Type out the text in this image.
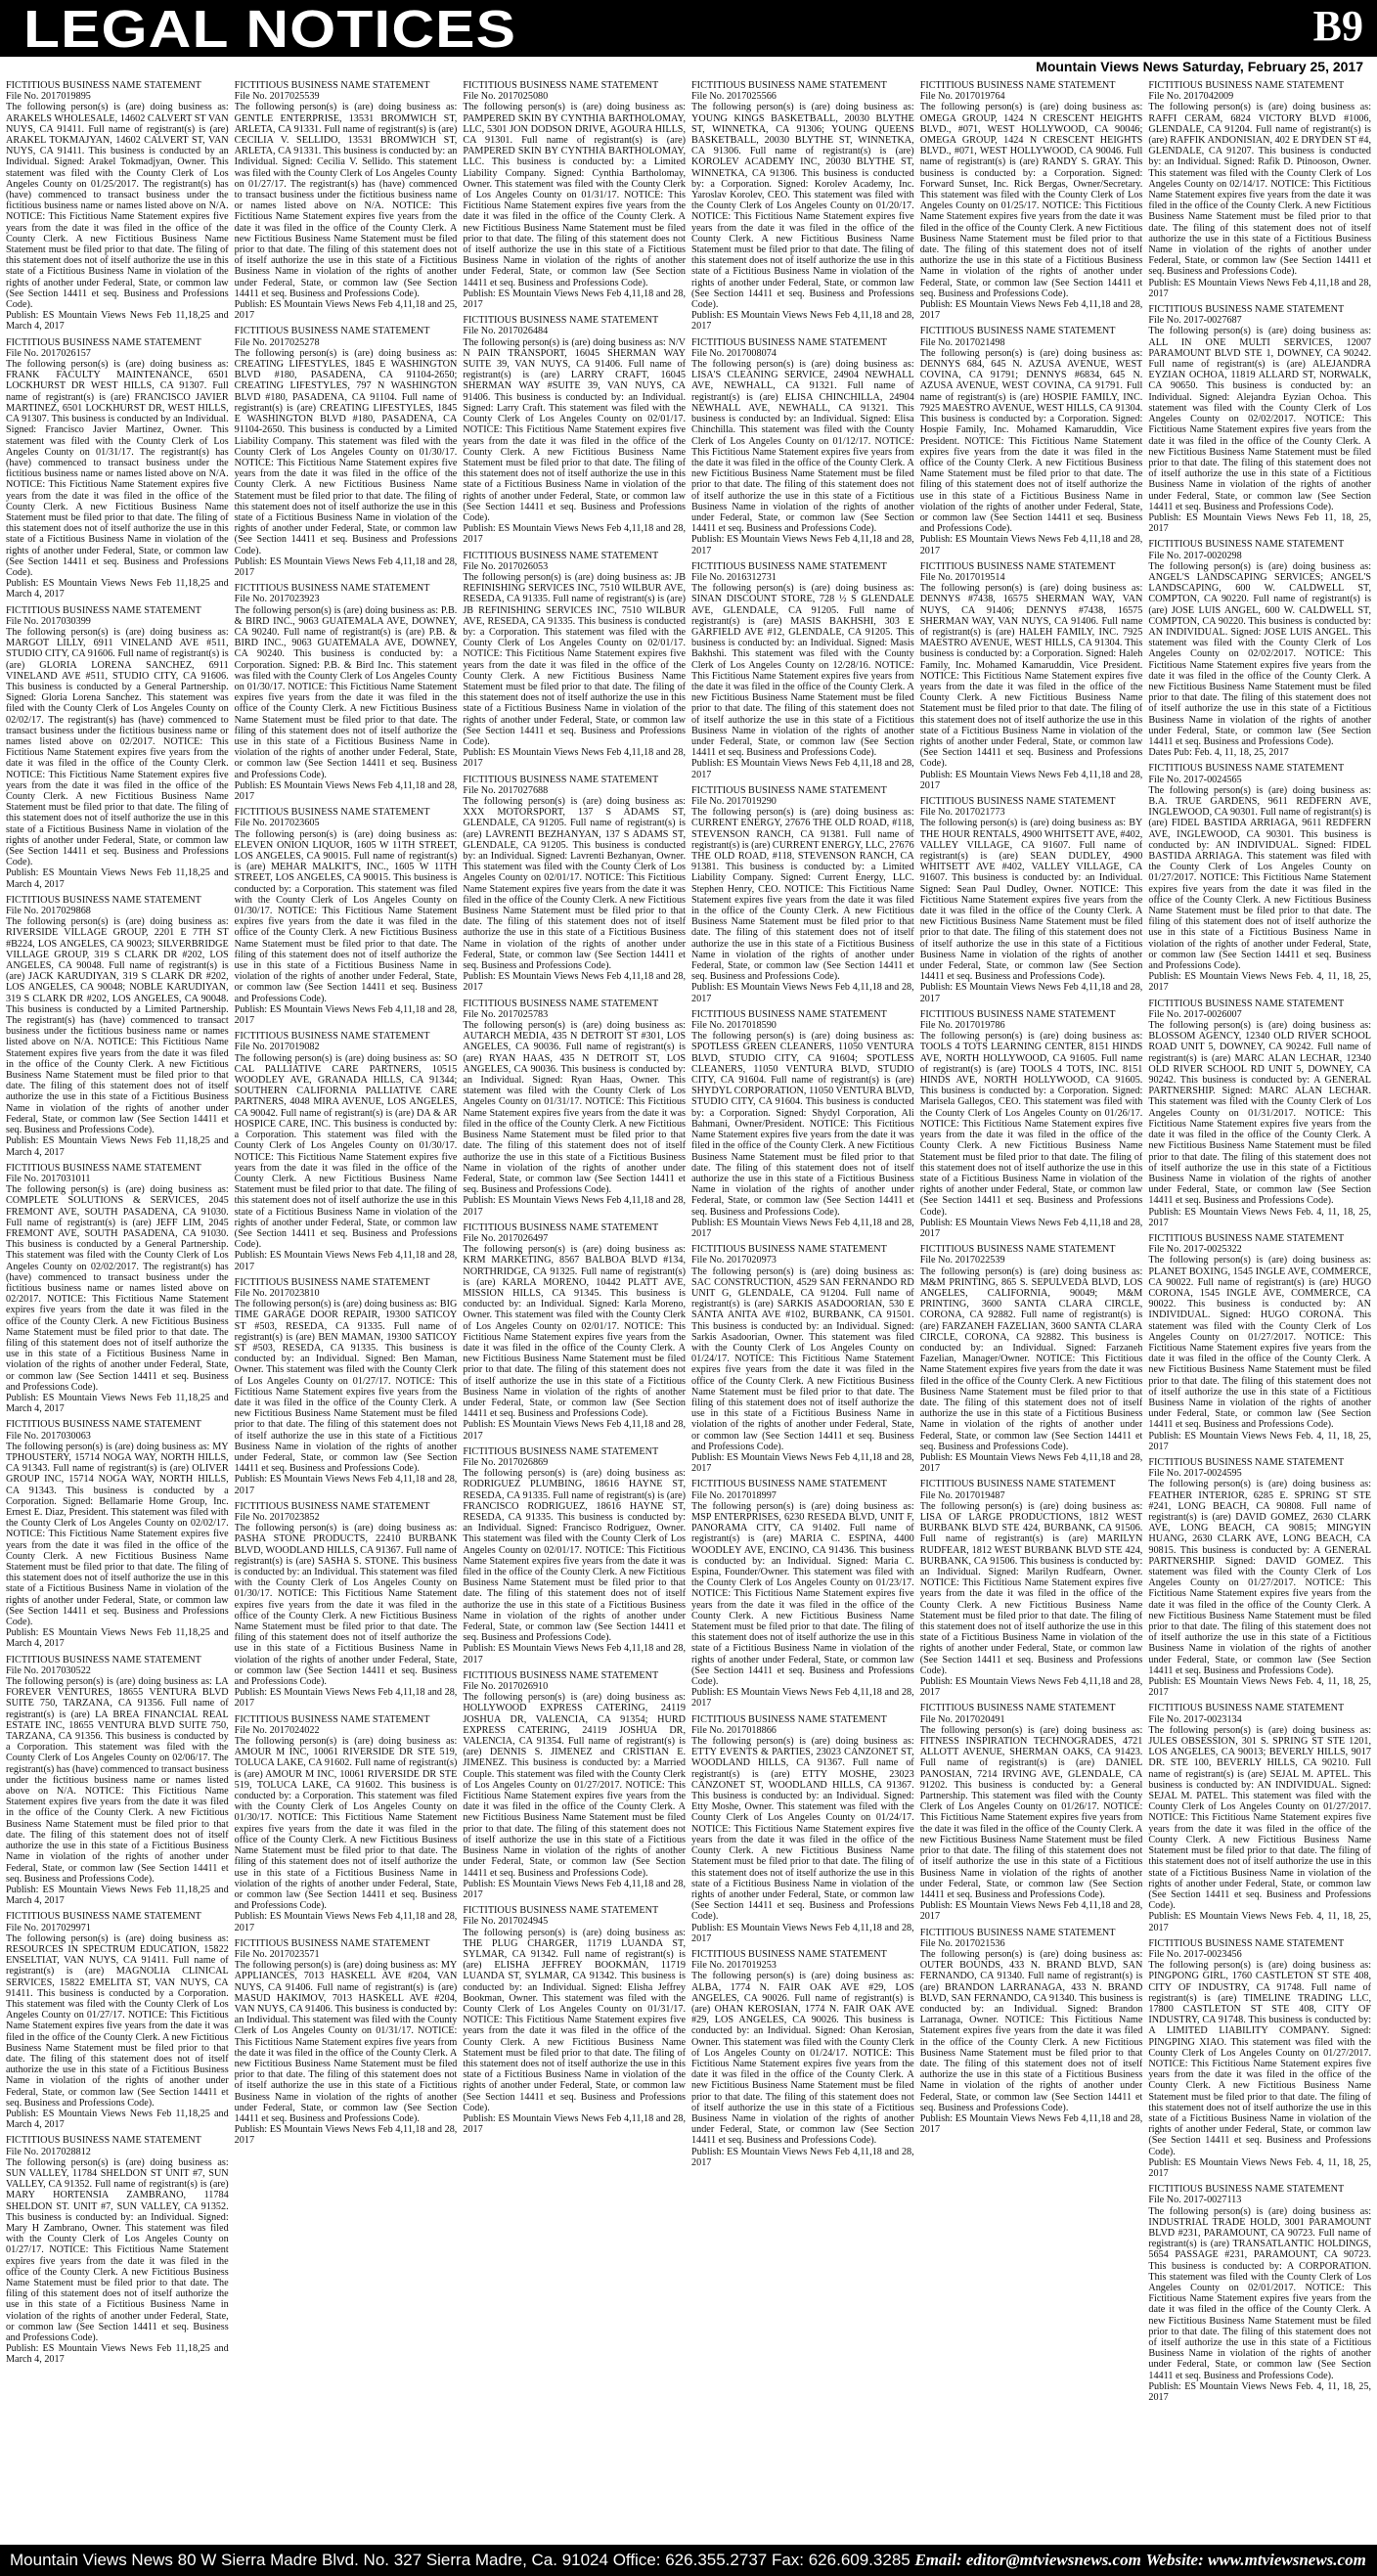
LEGAL NOTICES	B9
Mountain Views News Saturday, February 25, 2017
FICTITIOUS BUSINESS NAME STATEMENT
File No. 2017019895
The following person(s) is (are) doing business as: ARAKELS WHOLESALE, 14602 CALVERT ST VAN NUYS, CA 91411. Full name of registrant(s) is (are) ARAKEL TOKMAJYAN, 14602 CALVERT ST, VAN NUYS, CA 91411. This business is conducted by an Individual. Signed: Arakel Tokmadjyan, Owner. This statement was filed with the County Clerk of Los Angeles County on 01/25/2017. The registrant(s) has (have) commenced to transact business under the fictitious business name or names listed above on N/A. NOTICE: This Fictitious Name Statement expires five years from the date it was filed in the office of the County Clerk. A new Fictitious Business Name Statement must be filed prior to that date. The filing of this statement does not of itself authorize the use in this state of a Fictitious Business Name in violation of the rights of another under Federal, State, or common law (See Section 14411 et seq. Business and Professions Code).
Publish: ES Mountain Views News Feb 11,18,25 and March 4, 2017
FICTITIOUS BUSINESS NAME STATEMENT
File No. 2017026157
The following person(s) is (are) doing business as: FRANK FACULTY MAINTENANCE, 6501 LOCKHURST DR WEST HILLS, CA 91307. Full name of registrant(s) is (are) FRANCISCO JAVIER MARTINEZ, 6501 LOCKHURST DR, WEST HILLS, CA 91307. This business is conducted by an Individual. Signed: Francisco Javier Martinez, Owner. This statement was filed with the County Clerk of Los Angeles County on 01/31/17. The registrant(s) has (have) commenced to transact business under the fictitious business name or names listed above on N/A. NOTICE: This Fictitious Name Statement expires five years from the date it was filed in the office of the County Clerk. A new Fictitious Business Name Statement must be filed prior to that date. The filing of this statement does not of itself authorize the use in this state of a Fictitious Business Name in violation of the rights of another under Federal, State, or common law (See Section 14411 et seq. Business and Professions Code).
Publish: ES Mountain Views News Feb 11,18,25 and March 4, 2017
FICTITIOUS BUSINESS NAME STATEMENT
File No. 2017030399
The following person(s) is (are) doing business as: MARGOT LILLY, 6911 VINELAND AVE #511, STUDIO CITY, CA 91606. Full name of registrant(s) is (are) GLORIA LORENA SANCHEZ, 6911 VINELAND AVE #511, STUDIO CITY, CA 91606. This business is conducted by a General Partnership. Signed: Gloria Lorena Sanchez. This statement was filed with the County Clerk of Los Angeles County on 02/02/17. The registrant(s) has (have) commenced to transact business under the fictitious business name or names listed above on 02/2017. NOTICE: This Fictitious Name Statement expires five years from the date it was filed in the office of the County Clerk. NOTICE: This Fictitious Name Statement expires five years from the date it was filed in the office of the County Clerk. A new Fictitious Business Name Statement must be filed prior to that date. The filing of this statement does not of itself authorize the use in this state of a Fictitious Business Name in violation of the rights of another under Federal, State, or common law (See Section 14411 et seq. Business and Professions Code).
Publish: ES Mountain Views News Feb 11,18,25 and March 4, 2017
FICTITIOUS BUSINESS NAME STATEMENT
File No. 2017029868
The following person(s) is (are) doing business as: RIVERSIDE VILLAGE GROUP, 2201 E 7TH ST #B224, LOS ANGELES, CA 90023; SILVERBRIDGE VILLAGE GROUP, 319 S CLARK DR #202, LOS ANGELES, CA 90048. Full name of registrant(s) is (are) JACK KARUDIYAN, 319 S CLARK DR #202, LOS ANGELES, CA 90048; NOBLE KARUDIYAN, 319 S CLARK DR #202, LOS ANGELES, CA 90048. This business is conducted by a Limited Partnership. The registrant(s) has (have) commenced to transact business under the fictitious business name or names listed above on N/A. NOTICE: This Fictitious Name Statement expires five years from the date it was filed in the office of the County Clerk. A new Fictitious Business Name Statement must be filed prior to that date. The filing of this statement does not of itself authorize the use in this state of a Fictitious Business Name in violation of the rights of another under Federal, State, or common law (See Section 14411 et seq. Business and Professions Code).
Publish: ES Mountain Views News Feb 11,18,25 and March 4, 2017
FICTITIOUS BUSINESS NAME STATEMENT
File No. 2017031011
The following person(s) is (are) doing business as: COMPLETE SOLUTIONS & SERVICES, 2045 FREMONT AVE, SOUTH PASADENA, CA 91030. Full name of registrant(s) is (are) JEFF LIM, 2045 FREMONT AVE, SOUTH PASADENA, CA 91030. This business is conducted by a General Partnership. This statement was filed with the County Clerk of Los Angeles County on 02/02/2017. The registrant(s) has (have) commenced to transact business under the fictitious business name or names listed above on 02/2017. NOTICE: This Fictitious Name Statement expires five years from the date it was filed in the office of the County Clerk. A new Fictitious Business Name Statement must be filed prior to that date. The filing of this statement does not of itself authorize the use in this state of a Fictitious Business Name in violation of the rights of another under Federal, State, or common law (See Section 14411 et seq. Business and Professions Code).
Publish: ES Mountain Views News Feb 11,18,25 and March 4, 2017
FICTITIOUS BUSINESS NAME STATEMENT
File No. 2017030063
The following person(s) is (are) doing business as: MY TPHOUSTERY, 15714 NOGA WAY, NORTH HILLS, CA 91343. Full name of registrant(s) is (are) OLIVER GROUP INC, 15714 NOGA WAY, NORTH HILLS, CA 91343. This business is conducted by a Corporation. Signed: Bellamarie Home Group, Inc. Ernest E. Diaz, President. This statement was filed with the County Clerk of Los Angeles County on 02/02/17. NOTICE: This Fictitious Name Statement expires five years from the date it was filed in the office of the County Clerk. A new Fictitious Business Name Statement must be filed prior to that date. The filing of this statement does not of itself authorize the use in this state of a Fictitious Business Name in violation of the rights of another under Federal, State, or common law (See Section 14411 et seq. Business and Professions Code).
Publish: ES Mountain Views News Feb 11,18,25 and March 4, 2017
FICTITIOUS BUSINESS NAME STATEMENT
File No. 2017030522
The following person(s) is (are) doing business as: LA FOREVER VENTURES, 18655 VENTURA BLVD SUITE 750, TARZANA, CA 91356. Full name of registrant(s) is (are) LA BREA FINANCIAL REAL ESTATE INC, 18655 VENTURA BLVD SUITE 750, TARZANA, CA 91356. This business is conducted by a Corporation. This statement was filed with the County Clerk of Los Angeles County on 02/06/17. The registrant(s) has (have) commenced to transact business under the fictitious business name or names listed above on N/A. NOTICE: This Fictitious Name Statement expires five years from the date it was filed in the office of the County Clerk. A new Fictitious Business Name Statement must be filed prior to that date. The filing of this statement does not of itself authorize the use in this state of a Fictitious Business Name in violation of the rights of another under Federal, State, or common law (See Section 14411 et seq. Business and Professions Code).
Publish: ES Mountain Views News Feb 11,18,25 and March 4, 2017
FICTITIOUS BUSINESS NAME STATEMENT
File No. 2017029971
The following person(s) is (are) doing business as: RESOURCES IN SPECTRUM EDUCATION, 15822 ENSELTIAT, VAN NUYS, CA 91411. Full name of registrant(s) is (are) MAGNOLIA CLINICAL SERVICES, 15822 EMELITA ST, VAN NUYS, CA 91411. This business is conducted by a Corporation. This statement was filed with the County Clerk of Los Angeles County on 01/27/17. NOTICE: This Fictitious Name Statement expires five years from the date it was filed in the office of the County Clerk. A new Fictitious Business Name Statement must be filed prior to that date. The filing of this statement does not of itself authorize the use in this state of a Fictitious Business Name in violation of the rights of another under Federal, State, or common law (See Section 14411 et seq. Business and Professions Code).
Publish: ES Mountain Views News Feb 11,18,25 and March 4, 2017
FICTITIOUS BUSINESS NAME STATEMENT
File No. 2017028812
The following person(s) is (are) doing business as: SUN VALLEY, 11784 SHELDON ST UNIT #7, SUN VALLEY, CA 91352. Full name of registrant(s) is (are) MARY HORTENSIA ZAMBRANO, 11784 SHELDON ST. UNIT #7, SUN VALLEY, CA 91352. This business is conducted by: an Individual. Signed: Mary H Zambrano, Owner. This statement was filed with the County Clerk of Los Angeles County on 01/27/17. NOTICE: This Fictitious Name Statement expires five years from the date it was filed in the office of the County Clerk. A new Fictitious Business Name Statement must be filed prior to that date. The filing of this statement does not of itself authorize the use in this state of a Fictitious Business Name in violation of the rights of another under Federal, State, or common law (See Section 14411 et seq. Business and Professions Code).
Publish: ES Mountain Views News Feb 11,18,25 and March 4, 2017
FICTITIOUS BUSINESS NAME STATEMENT
File No. 2017025539
The following person(s) is (are) doing business as: GENTLE ENTERPRISE, 13531 BROMWICH ST, ARLETA, CA 91331. Full name of registrant(s) is (are) CECILIA V. SELLIDO, 13531 BROMWICH ST, ARLETA, CA 91331. This business is conducted by: an Individual. Signed: Cecilia V. Sellido. This statement was filed with the County Clerk of Los Angeles County on 01/27/17. The registrant(s) has (have) commenced to transact business under the fictitious business name or names listed above on N/A. NOTICE: This Fictitious Name Statement expires five years from the date it was filed in the office of the County Clerk. A new Fictitious Business Name Statement must be filed prior to that date. The filing of this statement does not of itself authorize the use in this state of a Fictitious Business Name in violation of the rights of another under Federal, State, or common law (See Section 14411 et seq. Business and Professions Code).
Publish: ES Mountain Views News Feb 4,11,18 and 25, 2017
FICTITIOUS BUSINESS NAME STATEMENT
File No. 2017025278
The following person(s) is (are) doing business as: CREATING LIFESTYLES, 1845 E WASHINGTON BLVD #180, PASADENA, CA 91104-2650; CREATING LIFESTYLES, 797 N WASHINGTON BLVD #180, PASADENA, CA 91104. Full name of registrant(s) is (are) CREATING LIFESTYLES, 1845 E WASHINGTON BLVD #180, PASADENA, CA 91104-2650. This business is conducted by a Limited Liability Company. This statement was filed with the County Clerk of Los Angeles County on 01/30/17. NOTICE: This Fictitious Name Statement expires five years from the date it was filed in the office of the County Clerk. A new Fictitious Business Name Statement must be filed prior to that date. The filing of this statement does not of itself authorize the use in this state of a Fictitious Business Name in violation of the rights of another under Federal, State, or common law (See Section 14411 et seq. Business and Professions Code).
Publish: ES Mountain Views News Feb 4,11,18 and 28, 2017
FICTITIOUS BUSINESS NAME STATEMENT
File No. 2017023923
The following person(s) is (are) doing business as: P.B. & BIRD INC., 9063 GUATEMALA AVE, DOWNEY, CA 90240. Full name of registrant(s) is (are) P.B. & BIRD INC., 9063 GUATEMALA AVE, DOWNEY, CA 90240. This business is conducted by: a Corporation. Signed: P.B. & Bird Inc. This statement was filed with the County Clerk of Los Angeles County on 01/30/17. NOTICE: This Fictitious Name Statement expires five years from the date it was filed in the office of the County Clerk. A new Fictitious Business Name Statement must be filed prior to that date. The filing of this statement does not of itself authorize the use in this state of a Fictitious Business Name in violation of the rights of another under Federal, State, or common law (See Section 14411 et seq. Business and Professions Code).
Publish: ES Mountain Views News Feb 4,11,18 and 28, 2017
FICTITIOUS BUSINESS NAME STATEMENT
File No. 2017023605
The following person(s) is (are) doing business as: ELEVEN ONION LIQUOR, 1605 W 11TH STREET, LOS ANGELES, CA 90015. Full name of registrant(s) is (are) MEHAR MALKIT'S, INC., 1605 W 11TH STREET, LOS ANGELES, CA 90015. This business is conducted by: a Corporation. This statement was filed with the County Clerk of Los Angeles County on 01/30/17. NOTICE: This Fictitious Name Statement expires five years from the date it was filed in the office of the County Clerk. A new Fictitious Business Name Statement must be filed prior to that date. The filing of this statement does not of itself authorize the use in this state of a Fictitious Business Name in violation of the rights of another under Federal, State, or common law (See Section 14411 et seq. Business and Professions Code).
Publish: ES Mountain Views News Feb 4,11,18 and 28, 2017
FICTITIOUS BUSINESS NAME STATEMENT
File No. 2017019082
The following person(s) is (are) doing business as: SO CAL PALLIATIVE CARE PARTNERS, 10515 WOODLEY AVE, GRANADA HILLS, CA 91344; SOUTHERN CALIFORNIA PALLIATIVE CARE PARTNERS, 4048 MIRA AVENUE, LOS ANGELES, CA 90042. Full name of registrant(s) is (are) DA & AR HOSPICE CARE, INC. This business is conducted by: a Corporation. This statement was filed with the County Clerk of Los Angeles County on 01/30/17. NOTICE: This Fictitious Name Statement expires five years from the date it was filed in the office of the County Clerk. A new Fictitious Business Name Statement must be filed prior to that date. The filing of this statement does not of itself authorize the use in this state of a Fictitious Business Name in violation of the rights of another under Federal, State, or common law (See Section 14411 et seq. Business and Professions Code).
Publish: ES Mountain Views News Feb 4,11,18 and 28, 2017
FICTITIOUS BUSINESS NAME STATEMENT
File No. 2017023810
The following person(s) is (are) doing business as: BIG TIME GARAGE DOOR REPAIR, 19300 SATICOY ST #503, RESEDA, CA 91335. Full name of registrant(s) is (are) BEN MAMAN, 19300 SATICOY ST #503, RESEDA, CA 91335. This business is conducted by: an Individual. Signed: Ben Maman, Owner. This statement was filed with the County Clerk of Los Angeles County on 01/27/17. NOTICE: This Fictitious Name Statement expires five years from the date it was filed in the office of the County Clerk. A new Fictitious Business Name Statement must be filed prior to that date. The filing of this statement does not of itself authorize the use in this state of a Fictitious Business Name in violation of the rights of another under Federal, State, or common law (See Section 14411 et seq. Business and Professions Code).
Publish: ES Mountain Views News Feb 4,11,18 and 28, 2017
FICTITIOUS BUSINESS NAME STATEMENT
File No. 2017023852
The following person(s) is (are) doing business as: PASHA STONE PRODUCTS, 22410 BURBANK BLVD, WOODLAND HILLS, CA 91367. Full name of registrant(s) is (are) SASHA S. STONE. This business is conducted by: an Individual. This statement was filed with the County Clerk of Los Angeles County on 01/30/17. NOTICE: This Fictitious Name Statement expires five years from the date it was filed in the office of the County Clerk. A new Fictitious Business Name Statement must be filed prior to that date. The filing of this statement does not of itself authorize the use in this state of a Fictitious Business Name in violation of the rights of another under Federal, State, or common law (See Section 14411 et seq. Business and Professions Code).
Publish: ES Mountain Views News Feb 4,11,18 and 28, 2017
FICTITIOUS BUSINESS NAME STATEMENT
File No. 2017024022
The following person(s) is (are) doing business as: AMOUR M INC, 10061 RIVERSIDE DR STE 519, TOLUCA LAKE, CA 91602. Full name of registrant(s) is (are) AMOUR M INC, 10061 RIVERSIDE DR STE 519, TOLUCA LAKE, CA 91602. This business is conducted by: a Corporation. This statement was filed with the County Clerk of Los Angeles County on 01/30/17. NOTICE: This Fictitious Name Statement expires five years from the date it was filed in the office of the County Clerk. A new Fictitious Business Name Statement must be filed prior to that date. The filing of this statement does not of itself authorize the use in this state of a Fictitious Business Name in violation of the rights of another under Federal, State, or common law (See Section 14411 et seq. Business and Professions Code).
Publish: ES Mountain Views News Feb 4,11,18 and 28, 2017
FICTITIOUS BUSINESS NAME STATEMENT
File No. 2017023571
The following person(s) is (are) doing business as: MY APPLIANCES, 7013 HASKELL AVE #204, VAN NUYS, CA 91406. Full name of registrant(s) is (are) MASUD HAKIMOV, 7013 HASKELL AVE #204, VAN NUYS, CA 91406. This business is conducted by: an Individual. This statement was filed with the County Clerk of Los Angeles County on 01/31/17. NOTICE: This Fictitious Name Statement expires five years from the date it was filed in the office of the County Clerk. A new Fictitious Business Name Statement must be filed prior to that date. The filing of this statement does not of itself authorize the use in this state of a Fictitious Business Name in violation of the rights of another under Federal, State, or common law (See Section 14411 et seq. Business and Professions Code).
Publish: ES Mountain Views News Feb 4,11,18 and 28, 2017
FICTITIOUS BUSINESS NAME STATEMENT
File No. 2017025080
The following person(s) is (are) doing business as: PAMPERED SKIN BY CYNTHIA BARTHOLOMAY, LLC, 5301 JON DODSON DRIVE, AGOURA HILLS, CA 91301. Full name of registrant(s) is (are) PAMPERED SKIN BY CYNTHIA BARTHOLOMAY, LLC. This business is conducted by: a Limited Liability Company. Signed: Cynthia Bartholomay, Owner. This statement was filed with the County Clerk of Los Angeles County on 01/31/17. NOTICE: This Fictitious Name Statement expires five years from the date it was filed in the office of the County Clerk. A new Fictitious Business Name Statement must be filed prior to that date. The filing of this statement does not of itself authorize the use in this state of a Fictitious Business Name in violation of the rights of another under Federal, State, or common law (See Section 14411 et seq. Business and Professions Code).
Publish: ES Mountain Views News Feb 4,11,18 and 28, 2017
FICTITIOUS BUSINESS NAME STATEMENT
File No. 2017026484
The following person(s) is (are) doing business as: N/V N PAIN TRANSPORT, 16045 SHERMAN WAY SUITE 39, VAN NUYS, CA 91406. Full name of registrant(s) is (are) LARRY CRAFT, 16045 SHERMAN WAY #SUITE 39, VAN NUYS, CA 91406. This business is conducted by: an Individual. Signed: Larry Craft. This statement was filed with the County Clerk of Los Angeles County on 02/01/17. NOTICE: This Fictitious Name Statement expires five years from the date it was filed in the office of the County Clerk. A new Fictitious Business Name Statement must be filed prior to that date. The filing of this statement does not of itself authorize the use in this state of a Fictitious Business Name in violation of the rights of another under Federal, State, or common law (See Section 14411 et seq. Business and Professions Code).
Publish: ES Mountain Views News Feb 4,11,18 and 28, 2017
FICTITIOUS BUSINESS NAME STATEMENT
File No. 2017026053
The following person(s) is (are) doing business as: JB REFINISHING SERVICES INC, 7510 WILBUR AVE, RESEDA, CA 91335. Full name of registrant(s) is (are) JB REFINISHING SERVICES INC, 7510 WILBUR AVE, RESEDA, CA 91335. This business is conducted by: a Corporation. This statement was filed with the County Clerk of Los Angeles County on 02/01/17. NOTICE: This Fictitious Name Statement expires five years from the date it was filed in the office of the County Clerk. A new Fictitious Business Name Statement must be filed prior to that date. The filing of this statement does not of itself authorize the use in this state of a Fictitious Business Name in violation of the rights of another under Federal, State, or common law (See Section 14411 et seq. Business and Professions Code).
Publish: ES Mountain Views News Feb 4,11,18 and 28, 2017
FICTITIOUS BUSINESS NAME STATEMENT
File No. 2017027688
The following person(s) is (are) doing business as: XXX MOTORSPORT, 137 S ADAMS ST, GLENDALE, CA 91205. Full name of registrant(s) is (are) LAVRENTI BEZHANYAN, 137 S ADAMS ST, GLENDALE, CA 91205. This business is conducted by: an Individual. Signed: Lavrenti Bezhanyan, Owner. This statement was filed with the County Clerk of Los Angeles County on 02/01/17. NOTICE: This Fictitious Name Statement expires five years from the date it was filed in the office of the County Clerk. A new Fictitious Business Name Statement must be filed prior to that date. The filing of this statement does not of itself authorize the use in this state of a Fictitious Business Name in violation of the rights of another under Federal, State, or common law (See Section 14411 et seq. Business and Professions Code).
Publish: ES Mountain Views News Feb 4,11,18 and 28, 2017
FICTITIOUS BUSINESS NAME STATEMENT
File No. 2017025783
The following person(s) is (are) doing business as: AUTARCH MEDIA, 435 N DETROIT ST #301, LOS ANGELES, CA 90036. Full name of registrant(s) is (are) RYAN HAAS, 435 N DETROIT ST, LOS ANGELES, CA 90036. This business is conducted by: an Individual. Signed: Ryan Haas, Owner. This statement was filed with the County Clerk of Los Angeles County on 01/31/17. NOTICE: This Fictitious Name Statement expires five years from the date it was filed in the office of the County Clerk. A new Fictitious Business Name Statement must be filed prior to that date. The filing of this statement does not of itself authorize the use in this state of a Fictitious Business Name in violation of the rights of another under Federal, State, or common law (See Section 14411 et seq. Business and Professions Code).
Publish: ES Mountain Views News Feb 4,11,18 and 28, 2017
FICTITIOUS BUSINESS NAME STATEMENT
File No. 2017026497
The following person(s) is (are) doing business as: KRM MARKETING, 8567 BALBOA BLVD #134, NORTHRIDGE, CA 91325. Full name of registrant(s) is (are) KARLA MORENO, 10442 PLATT AVE, MISSION HILLS, CA 91345. This business is conducted by: an Individual. Signed: Karla Moreno, Owner. This statement was filed with the County Clerk of Los Angeles County on 02/01/17. NOTICE: This Fictitious Name Statement expires five years from the date it was filed in the office of the County Clerk. A new Fictitious Business Name Statement must be filed prior to that date. The filing of this statement does not of itself authorize the use in this state of a Fictitious Business Name in violation of the rights of another under Federal, State, or common law (See Section 14411 et seq. Business and Professions Code).
Publish: ES Mountain Views News Feb 4,11,18 and 28, 2017
FICTITIOUS BUSINESS NAME STATEMENT
File No. 2017026869
The following person(s) is (are) doing business as: RODRIGUEZ PLUMBING, 18616 HAYNE ST, RESEDA, CA 91335. Full name of registrant(s) is (are) FRANCISCO RODRIGUEZ, 18616 HAYNE ST, RESEDA, CA 91335. This business is conducted by: an Individual. Signed: Francisco Rodriguez, Owner. This statement was filed with the County Clerk of Los Angeles County on 02/01/17. NOTICE: This Fictitious Name Statement expires five years from the date it was filed in the office of the County Clerk. A new Fictitious Business Name Statement must be filed prior to that date. The filing of this statement does not of itself authorize the use in this state of a Fictitious Business Name in violation of the rights of another under Federal, State, or common law (See Section 14411 et seq. Business and Professions Code).
Publish: ES Mountain Views News Feb 4,11,18 and 28, 2017
FICTITIOUS BUSINESS NAME STATEMENT
File No. 2017026910
The following person(s) is (are) doing business as: HOLLYWOOD EXPRESS CATERING, 24119 JOSHUA DR, VALENCIA, CA 91354; HURD EXPRESS CATERING, 24119 JOSHUA DR, VALENCIA, CA 91354. Full name of registrant(s) is (are) DENNIS S. JIMENEZ and CRISTIAN E. JIMENEZ. This business is conducted by: a Married Couple. This statement was filed with the County Clerk of Los Angeles County on 01/27/2017. NOTICE: This Fictitious Name Statement expires five years from the date it was filed in the office of the County Clerk. A new Fictitious Business Name Statement must be filed prior to that date. The filing of this statement does not of itself authorize the use in this state of a Fictitious Business Name in violation of the rights of another under Federal, State, or common law (See Section 14411 et seq. Business and Professions Code).
Publish: ES Mountain Views News Feb 4,11,18 and 28, 2017
FICTITIOUS BUSINESS NAME STATEMENT
File No. 2017024945
The following person(s) is (are) doing business as: THE PLUG CHARGER, 11719 LUANDA ST, SYLMAR, CA 91342. Full name of registrant(s) is (are) ELISHA JEFFREY BOOKMAN, 11719 LUANDA ST, SYLMAR, CA 91342. This business is conducted by: an Individual. Signed: Elisha Jeffrey Bookman, Owner. This statement was filed with the County Clerk of Los Angeles County on 01/31/17. NOTICE: This Fictitious Name Statement expires five years from the date it was filed in the office of the County Clerk. A new Fictitious Business Name Statement must be filed prior to that date. The filing of this statement does not of itself authorize the use in this state of a Fictitious Business Name in violation of the rights of another under Federal, State, or common law (See Section 14411 et seq. Business and Professions Code).
Publish: ES Mountain Views News Feb 4,11,18 and 28, 2017
FICTITIOUS BUSINESS NAME STATEMENT
File No. 2017025566
The following person(s) is (are) doing business as: YOUNG KINGS BASKETBALL, 20030 BLYTHE ST, WINNETKA, CA 91306; YOUNG QUEENS BASKETBALL, 20030 BLYTHE ST, WINNETKA, CA 91306. Full name of registrant(s) is (are) KOROLEV ACADEMY INC, 20030 BLYTHE ST, WINNETKA, CA 91306. This business is conducted by: a Corporation. Signed: Korolev Academy, Inc. Yaroslav Korolev, CEO. This statement was filed with the County Clerk of Los Angeles County on 01/20/17. NOTICE: This Fictitious Name Statement expires five years from the date it was filed in the office of the County Clerk. A new Fictitious Business Name Statement must be filed prior to that date. The filing of this statement does not of itself authorize the use in this state of a Fictitious Business Name in violation of the rights of another under Federal, State, or common law (See Section 14411 et seq. Business and Professions Code).
Publish: ES Mountain Views News Feb 4,11,18 and 28, 2017
FICTITIOUS BUSINESS NAME STATEMENT
File No. 2017008074
The following person(s) is (are) doing business as: LISA'S CLEANING SERVICE, 24904 NEWHALL AVE, NEWHALL, CA 91321. Full name of registrant(s) is (are) ELISA CHINCHILLA, 24904 NEWHALL AVE, NEWHALL, CA 91321. This business is conducted by: an Individual. Signed: Elisa Chinchilla. This statement was filed with the County Clerk of Los Angeles County on 01/12/17. NOTICE: This Fictitious Name Statement expires five years from the date it was filed in the office of the County Clerk. A new Fictitious Business Name Statement must be filed prior to that date. The filing of this statement does not of itself authorize the use in this state of a Fictitious Business Name in violation of the rights of another under Federal, State, or common law (See Section 14411 et seq. Business and Professions Code).
Publish: ES Mountain Views News Feb 4,11,18 and 28, 2017
FICTITIOUS BUSINESS NAME STATEMENT
File No. 2016312731
The following person(s) is (are) doing business as: SINAN DISCOUNT STORE, 728 ½ S GLENDALE AVE, GLENDALE, CA 91205. Full name of registrant(s) is (are) MASIS BAKHSHI, 303 E GARFIELD AVE #12, GLENDALE, CA 91205. This business is conducted by: an Individual. Signed: Masis Bakhshi. This statement was filed with the County Clerk of Los Angeles County on 12/28/16. NOTICE: This Fictitious Name Statement expires five years from the date it was filed in the office of the County Clerk. A new Fictitious Business Name Statement must be filed prior to that date. The filing of this statement does not of itself authorize the use in this state of a Fictitious Business Name in violation of the rights of another under Federal, State, or common law (See Section 14411 et seq. Business and Professions Code).
Publish: ES Mountain Views News Feb 4,11,18 and 28, 2017
FICTITIOUS BUSINESS NAME STATEMENT
File No. 2017019290
The following person(s) is (are) doing business as: CURRENT ENERGY, 27676 THE OLD ROAD, #118, STEVENSON RANCH, CA 91381. Full name of registrant(s) is (are) CURRENT ENERGY, LLC, 27676 THE OLD ROAD, #118, STEVENSON RANCH, CA 91381. This business is conducted by: a Limited Liability Company. Signed: Current Energy, LLC. Stephen Henry, CEO. NOTICE: This Fictitious Name Statement expires five years from the date it was filed in the office of the County Clerk. A new Fictitious Business Name Statement must be filed prior to that date. The filing of this statement does not of itself authorize the use in this state of a Fictitious Business Name in violation of the rights of another under Federal, State, or common law (See Section 14411 et seq. Business and Professions Code).
Publish: ES Mountain Views News Feb 4,11,18 and 28, 2017
FICTITIOUS BUSINESS NAME STATEMENT
File No. 2017018590
The following person(s) is (are) doing business as: SPOTLESS GREEN CLEANERS, 11050 VENTURA BLVD, STUDIO CITY, CA 91604; SPOTLESS CLEANERS, 11050 VENTURA BLVD, STUDIO CITY, CA 91604. Full name of registrant(s) is (are) SHYDYL CORPORATION, 11050 VENTURA BLVD, STUDIO CITY, CA 91604. This business is conducted by: a Corporation. Signed: Shydyl Corporation, Ali Bahmani, Owner/President. NOTICE: This Fictitious Name Statement expires five years from the date it was filed in the office of the County Clerk. A new Fictitious Business Name Statement must be filed prior to that date. The filing of this statement does not of itself authorize the use in this state of a Fictitious Business Name in violation of the rights of another under Federal, State, or common law (See Section 14411 et seq. Business and Professions Code).
Publish: ES Mountain Views News Feb 4,11,18 and 28, 2017
FICTITIOUS BUSINESS NAME STATEMENT
File No. 2017020973
The following person(s) is (are) doing business as: SAC CONSTRUCTION, 4529 SAN FERNANDO RD UNIT G, GLENDALE, CA 91204. Full name of registrant(s) is (are) SARKIS ASADOORIAN, 530 E SANTA ANITA AVE #102, BURBANK, CA 91501. This business is conducted by: an Individual. Signed: Sarkis Asadoorian, Owner. This statement was filed with the County Clerk of Los Angeles County on 01/24/17. NOTICE: This Fictitious Name Statement expires five years from the date it was filed in the office of the County Clerk. A new Fictitious Business Name Statement must be filed prior to that date. The filing of this statement does not of itself authorize the use in this state of a Fictitious Business Name in violation of the rights of another under Federal, State, or common law (See Section 14411 et seq. Business and Professions Code).
Publish: ES Mountain Views News Feb 4,11,18 and 28, 2017
FICTITIOUS BUSINESS NAME STATEMENT
File No. 2017018997
The following person(s) is (are) doing business as: MSP ENTERPRISES, 6230 RESEDA BLVD, UNIT F, PANORAMA CITY, CA 91402. Full name of registrant(s) is (are) MARIA C. ESPINA, 4400 WOODLEY AVE, ENCINO, CA 91436. This business is conducted by: an Individual. Signed: Maria C. Espina, Founder/Owner. This statement was filed with the County Clerk of Los Angeles County on 01/23/17. NOTICE: This Fictitious Name Statement expires five years from the date it was filed in the office of the County Clerk. A new Fictitious Business Name Statement must be filed prior to that date. The filing of this statement does not of itself authorize the use in this state of a Fictitious Business Name in violation of the rights of another under Federal, State, or common law (See Section 14411 et seq. Business and Professions Code).
Publish: ES Mountain Views News Feb 4,11,18 and 28, 2017
FICTITIOUS BUSINESS NAME STATEMENT
File No. 2017018866
The following person(s) is (are) doing business as: ETTY EVENTS & PARTIES, 23023 CANZONET ST, WOODLAND HILLS, CA 91367. Full name of registrant(s) is (are) ETTY MOSHE, 23023 CANZONET ST, WOODLAND HILLS, CA 91367. This business is conducted by: an Individual. Signed: Etty Moshe, Owner. This statement was filed with the County Clerk of Los Angeles County on 01/24/17. NOTICE: This Fictitious Name Statement expires five years from the date it was filed in the office of the County Clerk. A new Fictitious Business Name Statement must be filed prior to that date. The filing of this statement does not of itself authorize the use in this state of a Fictitious Business Name in violation of the rights of another under Federal, State, or common law (See Section 14411 et seq. Business and Professions Code).
Publish: ES Mountain Views News Feb 4,11,18 and 28, 2017
FICTITIOUS BUSINESS NAME STATEMENT
File No. 2017019253
The following person(s) is (are) doing business as: ALBA, 1774 N. FAIR OAK AVE #29, LOS ANGELES, CA 90026. Full name of registrant(s) is (are) OHAN KEROSIAN, 1774 N. FAIR OAK AVE #29, LOS ANGELES, CA 90026. This business is conducted by: an Individual. Signed: Ohan Kerosian, Owner. This statement was filed with the County Clerk of Los Angeles County on 01/24/17. NOTICE: This Fictitious Name Statement expires five years from the date it was filed in the office of the County Clerk. A new Fictitious Business Name Statement must be filed prior to that date. The filing of this statement does not of itself authorize the use in this state of a Fictitious Business Name in violation of the rights of another under Federal, State, or common law (See Section 14411 et seq. Business and Professions Code).
Publish: ES Mountain Views News Feb 4,11,18 and 28, 2017
FICTITIOUS BUSINESS NAME STATEMENT
File No. 2017019764
The following person(s) is (are) doing business as: OMEGA GROUP, 1424 N CRESCENT HEIGHTS BLVD., #071, WEST HOLLYWOOD, CA 90046; OMEGA GROUP, 1424 N CRESCENT HEIGHTS BLVD., #071, WEST HOLLYWOOD, CA 90046. Full name of registrant(s) is (are) RANDY S. GRAY. This business is conducted by: a Corporation. Signed: Forward Sunset, Inc. Rick Bergas, Owner/Secretary. This statement was filed with the County Clerk of Los Angeles County on 01/25/17. NOTICE: This Fictitious Name Statement expires five years from the date it was filed in the office of the County Clerk. A new Fictitious Business Name Statement must be filed prior to that date. The filing of this statement does not of itself authorize the use in this state of a Fictitious Business Name in violation of the rights of another under Federal, State, or common law (See Section 14411 et seq. Business and Professions Code).
Publish: ES Mountain Views News Feb 4,11,18 and 28, 2017
FICTITIOUS BUSINESS NAME STATEMENT
File No. 2017021498
The following person(s) is (are) doing business as: DENNYS 684, 645 N. AZUSA AVENUE, WEST COVINA, CA 91791; DENNYS #6834, 645 N. AZUSA AVENUE, WEST COVINA, CA 91791. Full name of registrant(s) is (are) HOSPIE FAMILY, INC. 7925 MAESTRO AVENUE, WEST HILLS, CA 91304. This business is conducted by: a Corporation. Signed: Hospie Family, Inc. Mohamed Kamaruddin, Vice President. NOTICE: This Fictitious Name Statement expires five years from the date it was filed in the office of the County Clerk. A new Fictitious Business Name Statement must be filed prior to that date. The filing of this statement does not of itself authorize the use in this state of a Fictitious Business Name in violation of the rights of another under Federal, State, or common law (See Section 14411 et seq. Business and Professions Code).
Publish: ES Mountain Views News Feb 4,11,18 and 28, 2017
FICTITIOUS BUSINESS NAME STATEMENT
File No. 2017019514
The following person(s) is (are) doing business as: DENNYS #7438, 16575 SHERMAN WAY, VAN NUYS, CA 91406; DENNYS #7438, 16575 SHERMAN WAY, VAN NUYS, CA 91406. Full name of registrant(s) is (are) HALEH FAMILY, INC. 7925 MAESTRO AVENUE, WEST HILLS, CA 91304. This business is conducted by: a Corporation. Signed: Haleh Family, Inc. Mohamed Kamaruddin, Vice President. NOTICE: This Fictitious Name Statement expires five years from the date it was filed in the office of the County Clerk. A new Fictitious Business Name Statement must be filed prior to that date. The filing of this statement does not of itself authorize the use in this state of a Fictitious Business Name in violation of the rights of another under Federal, State, or common law (See Section 14411 et seq. Business and Professions Code).
Publish: ES Mountain Views News Feb 4,11,18 and 28, 2017
FICTITIOUS BUSINESS NAME STATEMENT
File No. 2017021773
The following person(s) is (are) doing business as: BY THE HOUR RENTALS, 4900 WHITSETT AVE, #402, VALLEY VILLAGE, CA 91607. Full name of registrant(s) is (are) SEAN DUDLEY, 4900 WHITSETT AVE #402, VALLEY VILLAGE, CA 91607. This business is conducted by: an Individual. Signed: Sean Paul Dudley, Owner. NOTICE: This Fictitious Name Statement expires five years from the date it was filed in the office of the County Clerk. A new Fictitious Business Name Statement must be filed prior to that date. The filing of this statement does not of itself authorize the use in this state of a Fictitious Business Name in violation of the rights of another under Federal, State, or common law (See Section 14411 et seq. Business and Professions Code).
Publish: ES Mountain Views News Feb 4,11,18 and 28, 2017
FICTITIOUS BUSINESS NAME STATEMENT
File No. 2017019786
The following person(s) is (are) doing business as: TOOLS 4 TOTS LEARNING CENTER, 8151 HINDS AVE, NORTH HOLLYWOOD, CA 91605. Full name of registrant(s) is (are) TOOLS 4 TOTS, INC. 8151 HINDS AVE, NORTH HOLLYWOOD, CA 91605. This business is conducted by: a Corporation. Signed: Marisela Gallegos, CEO. This statement was filed with the County Clerk of Los Angeles County on 01/26/17. NOTICE: This Fictitious Name Statement expires five years from the date it was filed in the office of the County Clerk. A new Fictitious Business Name Statement must be filed prior to that date. The filing of this statement does not of itself authorize the use in this state of a Fictitious Business Name in violation of the rights of another under Federal, State, or common law (See Section 14411 et seq. Business and Professions Code).
Publish: ES Mountain Views News Feb 4,11,18 and 28, 2017
FICTITIOUS BUSINESS NAME STATEMENT
File No. 2017022539
The following person(s) is (are) doing business as: M&M PRINTING, 865 S. SEPULVEDA BLVD, LOS ANGELES, CALIFORNIA, 90049; M&M PRINTING, 3600 SANTA CLARA CIRCLE, CORONA, CA 92882. Full name of registrant(s) is (are) FARZANEH FAZELIAN, 3600 SANTA CLARA CIRCLE, CORONA, CA 92882. This business is conducted by: an Individual. Signed: Farzaneh Fazelian, Manager/Owner. NOTICE: This Fictitious Name Statement expires five years from the date it was filed in the office of the County Clerk. A new Fictitious Business Name Statement must be filed prior to that date. The filing of this statement does not of itself authorize the use in this state of a Fictitious Business Name in violation of the rights of another under Federal, State, or common law (See Section 14411 et seq. Business and Professions Code).
Publish: ES Mountain Views News Feb 4,11,18 and 28, 2017
FICTITIOUS BUSINESS NAME STATEMENT
File No. 2017019487
The following person(s) is (are) doing business as: LISA OF LARGE PRODUCTIONS, 1812 WEST BURBANK BLVD STE 424, BURBANK, CA 91506. Full name of registrant(s) is (are) MARILYN RUDFEAR, 1812 WEST BURBANK BLVD STE 424, BURBANK, CA 91506. This business is conducted by: an Individual. Signed: Marilyn Rudfearn, Owner. NOTICE: This Fictitious Name Statement expires five years from the date it was filed in the office of the County Clerk. A new Fictitious Business Name Statement must be filed prior to that date. The filing of this statement does not of itself authorize the use in this state of a Fictitious Business Name in violation of the rights of another under Federal, State, or common law (See Section 14411 et seq. Business and Professions Code).
Publish: ES Mountain Views News Feb 4,11,18 and 28, 2017
FICTITIOUS BUSINESS NAME STATEMENT
File No. 2017020491
The following person(s) is (are) doing business as: FITNESS INSPIRATION TECHNOGRADES, 4721 ALLOTT AVENUE, SHERMAN OAKS, CA 91423. Full name of registrant(s) is (are) DANIEL PANOSIAN, 7214 IRVING AVE, GLENDALE, CA 91202. This business is conducted by: a General Partnership. This statement was filed with the County Clerk of Los Angeles County on 01/26/17. NOTICE: This Fictitious Name Statement expires five years from the date it was filed in the office of the County Clerk. A new Fictitious Business Name Statement must be filed prior to that date. The filing of this statement does not of itself authorize the use in this state of a Fictitious Business Name in violation of the rights of another under Federal, State, or common law (See Section 14411 et seq. Business and Professions Code).
Publish: ES Mountain Views News Feb 4,11,18 and 28, 2017
FICTITIOUS BUSINESS NAME STATEMENT
File No. 2017021536
The following person(s) is (are) doing business as: OUTER BOUNDS, 433 N. BRAND BLVD, SAN FERNANDO, CA 91340. Full name of registrant(s) is (are) BRANDON LARRANAGA, 433 N. BRAND BLVD, SAN FERNANDO, CA 91340. This business is conducted by: an Individual. Signed: Brandon Larranaga, Owner. NOTICE: This Fictitious Name Statement expires five years from the date it was filed in the office of the County Clerk. A new Fictitious Business Name Statement must be filed prior to that date. The filing of this statement does not of itself authorize the use in this state of a Fictitious Business Name in violation of the rights of another under Federal, State, or common law (See Section 14411 et seq. Business and Professions Code).
Publish: ES Mountain Views News Feb 4,11,18 and 28, 2017
FICTITIOUS BUSINESS NAME STATEMENT
File No. 2017042009
The following person(s) is (are) doing business as: RAFFI CERAM, 6824 VICTORY BLVD #1006, GLENDALE, CA 91204. Full name of registrant(s) is (are) RAFFIK ANDONISIAN, 402 E DRYDEN ST #4, GLENDALE, CA 91207. This business is conducted by: an Individual. Signed: Rafik D. Ptinooson, Owner. This statement was filed with the County Clerk of Los Angeles County on 02/14/17. NOTICE: This Fictitious Name Statement expires five years from the date it was filed in the office of the County Clerk. A new Fictitious Business Name Statement must be filed prior to that date. The filing of this statement does not of itself authorize the use in this state of a Fictitious Business Name in violation of the rights of another under Federal, State, or common law (See Section 14411 et seq. Business and Professions Code).
Publish: ES Mountain Views News Feb 4,11,18 and 28, 2017
FICTITIOUS BUSINESS NAME STATEMENT
File No. 2017-0027687
The following person(s) is (are) doing business as: ALL IN ONE MULTI SERVICES, 12007 PARAMOUNT BLVD STE 1, DOWNEY, CA 90242. Full name of registrant(s) is (are) ALEJANDRA EYZIAN OCHOA, 11819 ALLARD ST, NORWALK, CA 90650. This business is conducted by: an Individual. Signed: Alejandra Eyzian Ochoa. This statement was filed with the County Clerk of Los Angeles County on 02/02/2017. NOTICE: This Fictitious Name Statement expires five years from the date it was filed in the office of the County Clerk. A new Fictitious Business Name Statement must be filed prior to that date. The filing of this statement does not of itself authorize the use in this state of a Fictitious Business Name in violation of the rights of another under Federal, State, or common law (See Section 14411 et seq. Business and Professions Code).
Publish: ES Mountain Views News Feb 11, 18, 25, 2017
FICTITIOUS BUSINESS NAME STATEMENT
File No. 2017-0020298
The following person(s) is (are) doing business as: ANGEL'S LANDSCAPING SERVICES; ANGEL'S LANDSCAPING, 600 W. CALDWELL ST, COMPTON, CA 90220. Full name of registrant(s) is (are) JOSE LUIS ANGEL, 600 W. CALDWELL ST, COMPTON, CA 90220. This business is conducted by: AN INDIVIDUAL. Signed: JOSE LUIS ANGEL. This statement was filed with the County Clerk of Los Angeles County on 02/02/2017. NOTICE: This Fictitious Name Statement expires five years from the date it was filed in the office of the County Clerk. A new Fictitious Business Name Statement must be filed prior to that date. The filing of this statement does not of itself authorize the use in this state of a Fictitious Business Name in violation of the rights of another under Federal, State, or common law (See Section 14411 et seq. Business and Professions Code).
Dates Pub: Feb. 4, 11, 18, 25, 2017
FICTITIOUS BUSINESS NAME STATEMENT
File No. 2017-0024565
The following person(s) is (are) doing business as: B.A. TRUE GARDENS, 9611 REDFERN AVE, INGLEWOOD, CA 90301. Full name of registrant(s) is (are) FIDEL BASTIDA ARRIAGA, 9611 REDFERN AVE, INGLEWOOD, CA 90301. This business is conducted by: AN INDIVIDUAL. Signed: FIDEL BASTIDA ARRIAGA. This statement was filed with the County Clerk of Los Angeles County on 01/27/2017. NOTICE: This Fictitious Name Statement expires five years from the date it was filed in the office of the County Clerk. A new Fictitious Business Name Statement must be filed prior to that date. The filing of this statement does not of itself authorize the use in this state of a Fictitious Business Name in violation of the rights of another under Federal, State, or common law (See Section 14411 et seq. Business and Professions Code).
Publish: ES Mountain Views News Feb. 4, 11, 18, 25, 2017
FICTITIOUS BUSINESS NAME STATEMENT
File No. 2017-0026007
The following person(s) is (are) doing business as: BLOSSOM AGENCY, 12340 OLD RIVER SCHOOL ROAD UNIT 5, DOWNEY, CA 90242. Full name of registrant(s) is (are) MARC ALAN LECHAR, 12340 OLD RIVER SCHOOL RD UNIT 5, DOWNEY, CA 90242. This business is conducted by: A GENERAL PARTNERSHIP. Signed: MARC ALAN LECHAR. This statement was filed with the County Clerk of Los Angeles County on 01/31/2017. NOTICE: This Fictitious Name Statement expires five years from the date it was filed in the office of the County Clerk. A new Fictitious Business Name Statement must be filed prior to that date. The filing of this statement does not of itself authorize the use in this state of a Fictitious Business Name in violation of the rights of another under Federal, State, or common law (See Section 14411 et seq. Business and Professions Code).
Publish: ES Mountain Views News Feb. 4, 11, 18, 25, 2017
FICTITIOUS BUSINESS NAME STATEMENT
File No. 2017-0025322
The following person(s) is (are) doing business as: PLANET BOXING, 1545 INGLE AVE, COMMERCE, CA 90022. Full name of registrant(s) is (are) HUGO CORONA, 1545 INGLE AVE, COMMERCE, CA 90022. This business is conducted by: AN INDIVIDUAL. Signed: HUGO CORONA. This statement was filed with the County Clerk of Los Angeles County on 01/27/2017. NOTICE: This Fictitious Name Statement expires five years from the date it was filed in the office of the County Clerk. A new Fictitious Business Name Statement must be filed prior to that date. The filing of this statement does not of itself authorize the use in this state of a Fictitious Business Name in violation of the rights of another under Federal, State, or common law (See Section 14411 et seq. Business and Professions Code).
Publish: ES Mountain Views News Feb. 4, 11, 18, 25, 2017
FICTITIOUS BUSINESS NAME STATEMENT
File No. 2017-0024595
The following person(s) is (are) doing business as: FEATHER INTERIOR, 6285 E. SPRING ST STE #241, LONG BEACH, CA 90808. Full name of registrant(s) is (are) DAVID GOMEZ, 2630 CLARK AVE, LONG BEACH, CA 90815; MINGYIN HUANG, 2630 CLARK AVE, LONG BEACH, CA 90815. This business is conducted by: A GENERAL PARTNERSHIP. Signed: DAVID GOMEZ. This statement was filed with the County Clerk of Los Angeles County on 01/27/2017. NOTICE: This Fictitious Name Statement expires five years from the date it was filed in the office of the County Clerk. A new Fictitious Business Name Statement must be filed prior to that date. The filing of this statement does not of itself authorize the use in this state of a Fictitious Business Name in violation of the rights of another under Federal, State, or common law (See Section 14411 et seq. Business and Professions Code).
Publish: ES Mountain Views News Feb. 4, 11, 18, 25, 2017
FICTITIOUS BUSINESS NAME STATEMENT
File No. 2017-0023134
The following person(s) is (are) doing business as: JULES OBSESSION, 301 S. SPRING ST STE 1201, LOS ANGELES, CA 90013; BEVERLY HILLS, 9017 DR. STE 100, BEVERLY HILLS, CA 90210. Full name of registrant(s) is (are) SEJAL M. APTEL. This business is conducted by: AN INDIVIDUAL. Signed: SEJAL M. PATEL. This statement was filed with the County Clerk of Los Angeles County on 01/27/2017. NOTICE: This Fictitious Name Statement expires five years from the date it was filed in the office of the County Clerk. A new Fictitious Business Name Statement must be filed prior to that date. The filing of this statement does not of itself authorize the use in this state of a Fictitious Business Name in violation of the rights of another under Federal, State, or common law (See Section 14411 et seq. Business and Professions Code).
Publish: ES Mountain Views News Feb. 4, 11, 18, 25, 2017
FICTITIOUS BUSINESS NAME STATEMENT
File No. 2017-0023456
The following person(s) is (are) doing business as: PINGPONG GIRL, 1760 CASTLETON ST STE 408, CITY OF INDUSTRY, CA 91748. Full name of registrant(s) is (are) TIMELINE TRADING LLC, 17800 CASTLETON ST STE 408, CITY OF INDUSTRY, CA 91748. This business is conducted by: A LIMITED LIABILITY COMPANY. Signed: PINGPING XIAO. This statement was filed with the County Clerk of Los Angeles County on 01/27/2017. NOTICE: This Fictitious Name Statement expires five years from the date it was filed in the office of the County Clerk. A new Fictitious Business Name Statement must be filed prior to that date. The filing of this statement does not of itself authorize the use in this state of a Fictitious Business Name in violation of the rights of another under Federal, State, or common law (See Section 14411 et seq. Business and Professions Code).
Publish: ES Mountain Views News Feb. 4, 11, 18, 25, 2017
FICTITIOUS BUSINESS NAME STATEMENT
File No. 2017-0027113
The following person(s) is (are) doing business as: INDUSTRIAL TRADE HOLD, 3001 PARAMOUNT BLVD #231, PARAMOUNT, CA 90723. Full name of registrant(s) is (are) TRANSATLANTIC HOLDINGS, 5654 PASSAGE #231, PARAMOUNT, CA 90723. This business is conducted by: A CORPORATION. This statement was filed with the County Clerk of Los Angeles County on 02/01/2017. NOTICE: This Fictitious Name Statement expires five years from the date it was filed in the office of the County Clerk. A new Fictitious Business Name Statement must be filed prior to that date. The filing of this statement does not of itself authorize the use in this state of a Fictitious Business Name in violation of the rights of another under Federal, State, or common law (See Section 14411 et seq. Business and Professions Code).
Publish: ES Mountain Views News Feb. 4, 11, 18, 25, 2017
Mountain Views News 80 W Sierra Madre Blvd. No. 327 Sierra Madre, Ca. 91024 Office: 626.355.2737 Fax: 626.609.3285 Email: editor@mtviewsnews.com Website: www.mtviewsnews.com
